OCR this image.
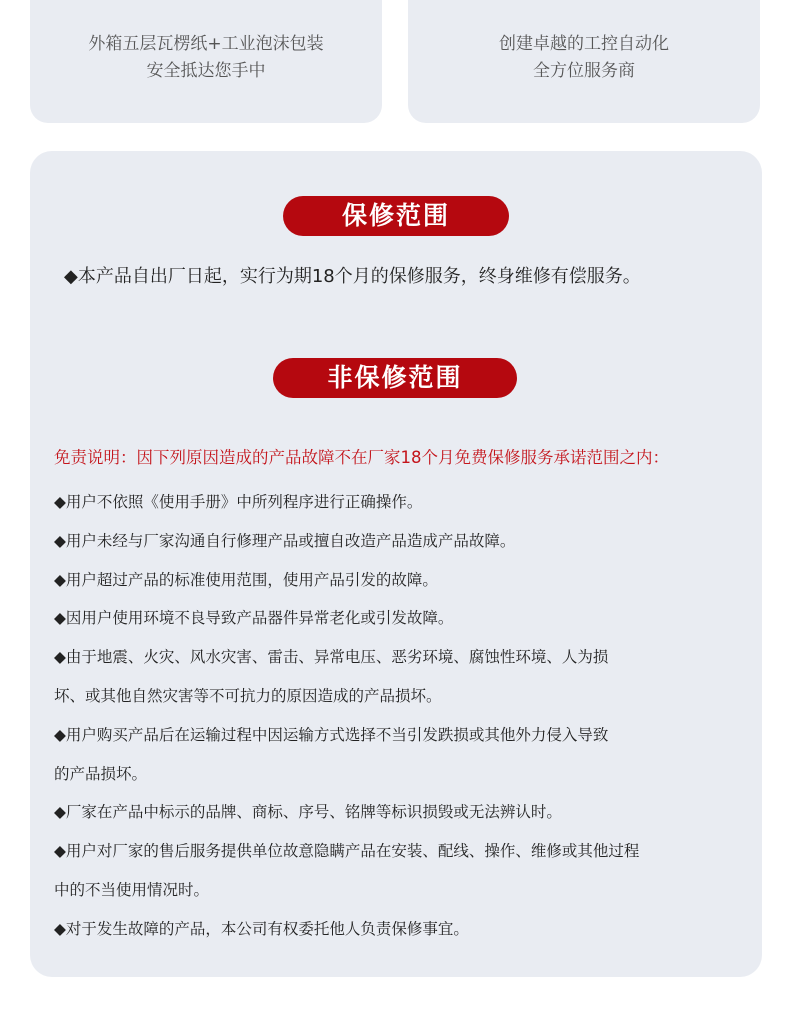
外箱五层瓦楞纸+工业泡沫包装
安全抵达您手中
创建卓越的工控自动化
全方位服务商
保修范围
◆本产品自出厂日起，实行为期18个月的保修服务，终身维修有偿服务。
非保修范围
免责说明：因下列原因造成的产品故障不在厂家18个月免费保修服务承诺范围之内：
◆用户不依照《使用手册》中所列程序进行正确操作。
◆用户未经与厂家沟通自行修理产品或擅自改造产品造成产品故障。
◆用户超过产品的标准使用范围，使用产品引发的故障。
◆因用户使用环境不良导致产品器件异常老化或引发故障。
◆由于地震、火灾、风水灾害、雷击、异常电压、恶劣环境、腐蚀性环境、人为损
坏、或其他自然灾害等不可抗力的原因造成的产品损坏。
◆用户购买产品后在运输过程中因运输方式选择不当引发跌损或其他外力侵入导致
的产品损坏。
◆厂家在产品中标示的品牌、商标、序号、铭牌等标识损毁或无法辨认时。
◆用户对厂家的售后服务提供单位故意隐瞒产品在安装、配线、操作、维修或其他过程
中的不当使用情况时。
◆对于发生故障的产品，本公司有权委托他人负责保修事宜。
